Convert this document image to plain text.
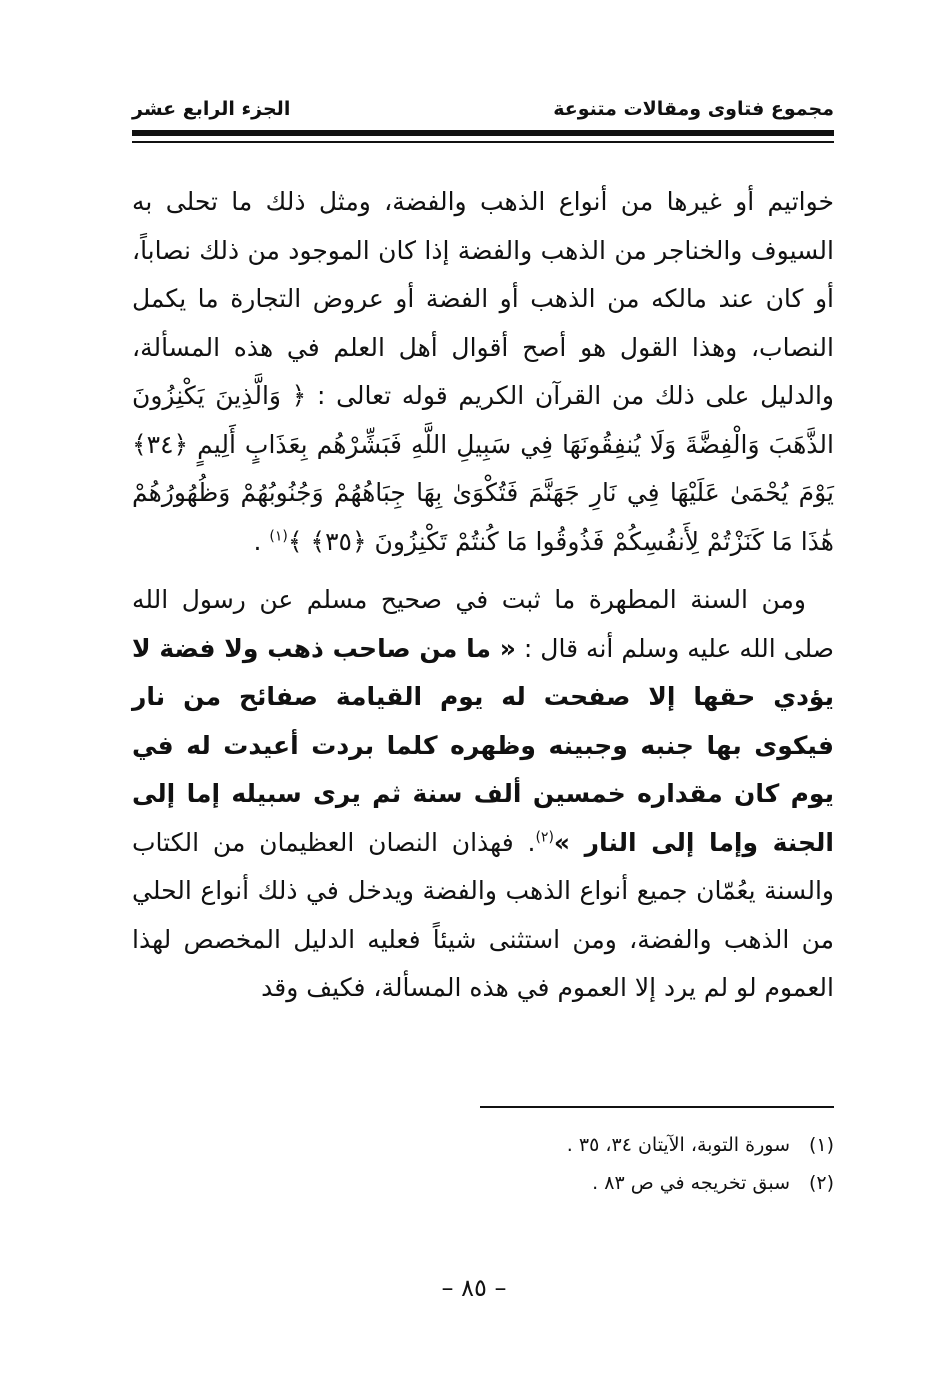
مجموع فتاوى ومقالات متنوعة
الجزء الرابع عشر

خواتيم أو غيرها من أنواع الذهب والفضة، ومثل ذلك ما تحلى به السيوف والخناجر من الذهب والفضة إذا كان الموجود من ذلك نصاباً، أو كان عند مالكه من الذهب أو الفضة أو عروض التجارة ما يكمل النصاب، وهذا القول هو أصح أقوال أهل العلم في هذه المسألة، والدليل على ذلك من القرآن الكريم قوله تعالى : ﴿ وَالَّذِينَ يَكْنِزُونَ الذَّهَبَ وَالْفِضَّةَ وَلَا يُنفِقُونَهَا فِي سَبِيلِ اللَّهِ فَبَشِّرْهُم بِعَذَابٍ أَلِيمٍ ﴿٣٤﴾ يَوْمَ يُحْمَىٰ عَلَيْهَا فِي نَارِ جَهَنَّمَ فَتُكْوَىٰ بِهَا جِبَاهُهُمْ وَجُنُوبُهُمْ وَظُهُورُهُمْ هَٰذَا مَا كَنَزْتُمْ لِأَنفُسِكُمْ فَذُوقُوا مَا كُنتُمْ تَكْنِزُونَ ﴿٣٥﴾ ﴾$^{(١)}$ .

ومن السنة المطهرة ما ثبت في صحيح مسلم عن رسول الله صلى الله عليه وسلم أنه قال : « ما من صاحب ذهب ولا فضة لا يؤدي حقها إلا صفحت له يوم القيامة صفائح من نار فيكوى بها جنبه وجبينه وظهره كلما بردت أعيدت له في يوم كان مقداره خمسين ألف سنة ثم يرى سبيله إما إلى الجنة وإما إلى النار »$^{(٢)}$. فهذان النصان العظيمان من الكتاب والسنة يعُمّان جميع أنواع الذهب والفضة ويدخل في ذلك أنواع الحلي من الذهب والفضة، ومن استثنى شيئاً فعليه الدليل المخصص لهذا العموم لو لم يرد إلا العموم في هذه المسألة، فكيف وقد

(١)سورة التوبة، الآيتان ٣٤، ٣٥ .
(٢)سبق تخريجه في ص ٨٣ .
– ٨٥ –
